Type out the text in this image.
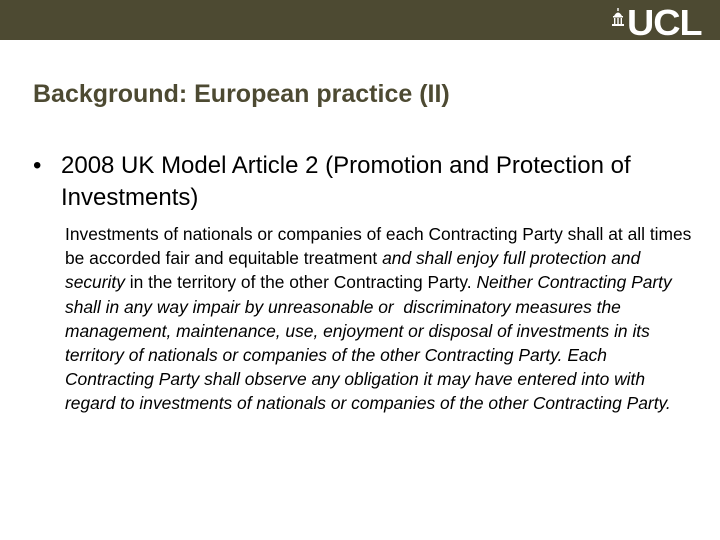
UCL
Background: European practice (II)
• 2008 UK Model Article 2 (Promotion and Protection of Investments)
Investments of nationals or companies of each Contracting Party shall at all times be accorded fair and equitable treatment and shall enjoy full protection and security in the territory of the other Contracting Party. Neither Contracting Party shall in any way impair by unreasonable or  discriminatory measures the management, maintenance, use, enjoyment or disposal of investments in its territory of nationals or companies of the other Contracting Party. Each Contracting Party shall observe any obligation it may have entered into with regard to investments of nationals or companies of the other Contracting Party.
